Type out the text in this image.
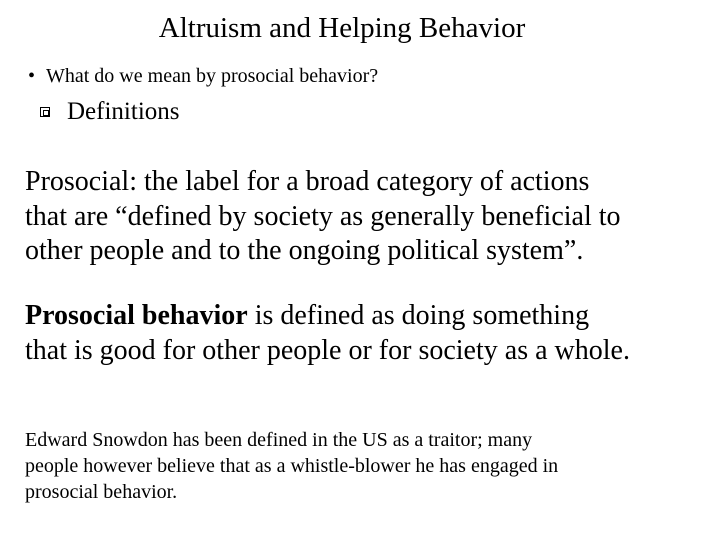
Altruism and Helping Behavior
• What do we mean by prosocial behavior?
Definitions
Prosocial: the label for a broad category of actions
that are “defined by society as generally beneficial to
other people and to the ongoing political system”.
Prosocial behavior is defined as doing something
that is good for other people or for society as a whole.
Edward Snowdon has been defined in the US as a traitor; many
people however believe that as a whistle-blower he has engaged in
prosocial behavior.
